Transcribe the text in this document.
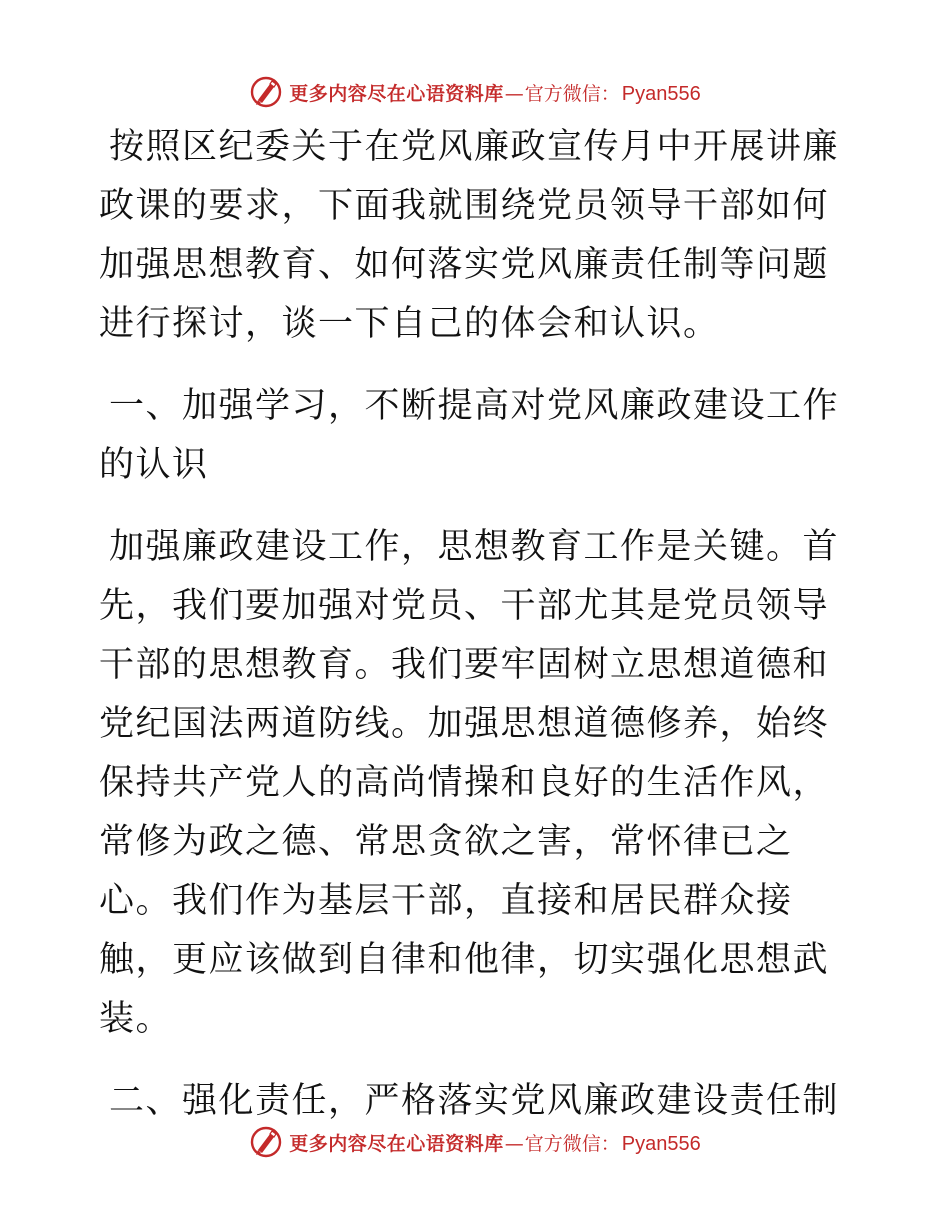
更多内容尽在心语资料库 — 官方微信： Pyan556

按照区纪委关于在党风廉政宣传月中开展讲廉政课的要求，下面我就围绕党员领导干部如何加强思想教育、如何落实党风廉责任制等问题进行探讨，谈一下自己的体会和认识。

一、加强学习，不断提高对党风廉政建设工作的认识

加强廉政建设工作，思想教育工作是关键。首先，我们要加强对党员、干部尤其是党员领导干部的思想教育。我们要牢固树立思想道德和党纪国法两道防线。加强思想道德修养，始终保持共产党人的高尚情操和良好的生活作风，常修为政之德、常思贪欲之害，常怀律已之心。我们作为基层干部，直接和居民群众接触，更应该做到自律和他律，切实强化思想武装。

二、强化责任，严格落实党风廉政建设责任制

更多内容尽在心语资料库 — 官方微信： Pyan556
